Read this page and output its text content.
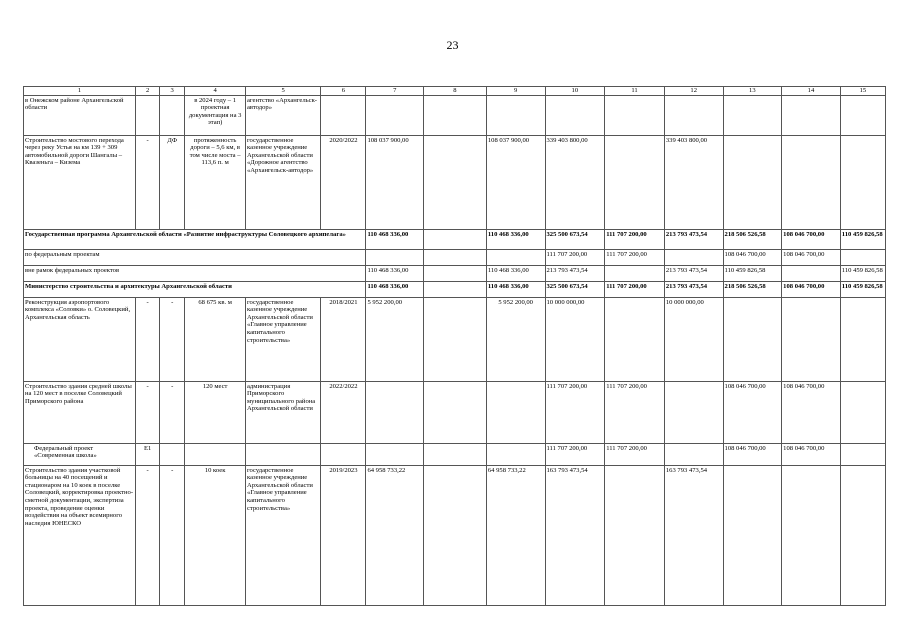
23
1	2	3	4	5	6	7	8	9	10	11	12	13	14	15
в Онежском районе Архангельской области			в 2024 году – 1 проектная документация на 3 этап)	агентство «Архангельск-автодор»										
Строительство мостового перехода через реку Устья на км 139 + 309 автомобильной дороги Шангалы – Квазеньга – Кизема	-	ДФ	протяженность дороги – 5,6 км, в том числе моста – 113,6 п. м	государственное казенное учреждение Архангельской области «Дорожное агентство «Архангельск-автодор»	2020/2022	108 037 900,00		108 037 900,00	339 403 800,00		339 403 800,00			
Государственная программа Архангельской области «Развитие инфраструктуры Соловецкого архипелага»						110 468 336,00		110 468 336,00	325 500 673,54	111 707 200,00	213 793 473,54	218 506 526,58	108 046 700,00	110 459 826,58
по федеральным проектам									111 707 200,00	111 707 200,00		108 046 700,00	108 046 700,00	
вне рамок федеральных проектов						110 468 336,00		110 468 336,00	213 793 473,54		213 793 473,54	110 459 826,58		110 459 826,58
Министерство строительства и архитектуры Архангельской области						110 468 336,00		110 468 336,00	325 500 673,54	111 707 200,00	213 793 473,54	218 506 526,58	108 046 700,00	110 459 826,58
Реконструкция аэропортового комплекса «Соловки» о. Соловецкий, Архангельская область	-	-	68 675 кв. м	государственное казенное учреждение Архангельской области «Главное управление капитального строительства»	2018/2021	5 952 200,00		5 952 200,00	10 000 000,00		10 000 000,00			
Строительство здания средней школы на 120 мест в поселке Соловецкий Приморского района	-	-	120 мест	администрация Приморского муниципального района Архангельской области	2022/2022				111 707 200,00	111 707 200,00		108 046 700,00	108 046 700,00	
Федеральный проект «Современная школа»	E1								111 707 200,00	111 707 200,00		108 046 700,00	108 046 700,00	
Строительство здания участковой больницы на 40 посещений и стационаром на 10 коек в поселке Соловецкий, корректировка проектно-сметной документации, экспертиза проекта, проведение оценки воздействия на объект всемирного наследия ЮНЕСКО	-	-	10 коек	государственное казенное учреждение Архангельской области «Главное управление капитального строительства»	2019/2023	64 958 733,22		64 958 733,22	163 793 473,54		163 793 473,54			
